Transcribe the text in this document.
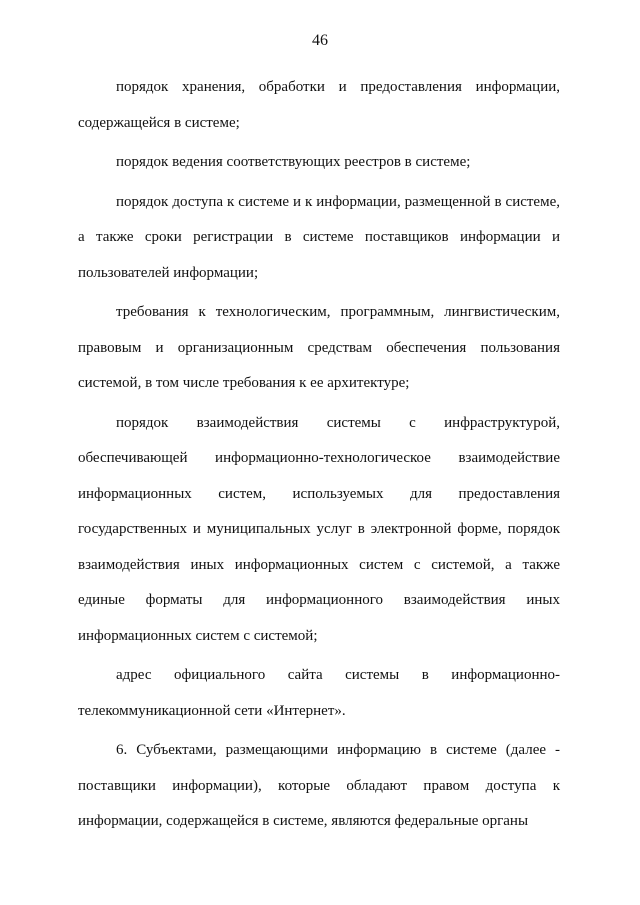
46

порядок хранения, обработки и предоставления информации, содержащейся в системе;

порядок ведения соответствующих реестров в системе;

порядок доступа к системе и к информации, размещенной в системе, а также сроки регистрации в системе поставщиков информации и пользователей информации;

требования к технологическим, программным, лингвистическим, правовым и организационным средствам обеспечения пользования системой, в том числе требования к ее архитектуре;

порядок взаимодействия системы с инфраструктурой, обеспечивающей информационно-технологическое взаимодействие информационных систем, используемых для предоставления государственных и муниципальных услуг в электронной форме, порядок взаимодействия иных информационных систем с системой, а также единые форматы для информационного взаимодействия иных информационных систем с системой;

адрес официального сайта системы в информационно-телекоммуникационной сети «Интернет».

6. Субъектами, размещающими информацию в системе (далее - поставщики информации), которые обладают правом доступа к информации, содержащейся в системе, являются федеральные органы
